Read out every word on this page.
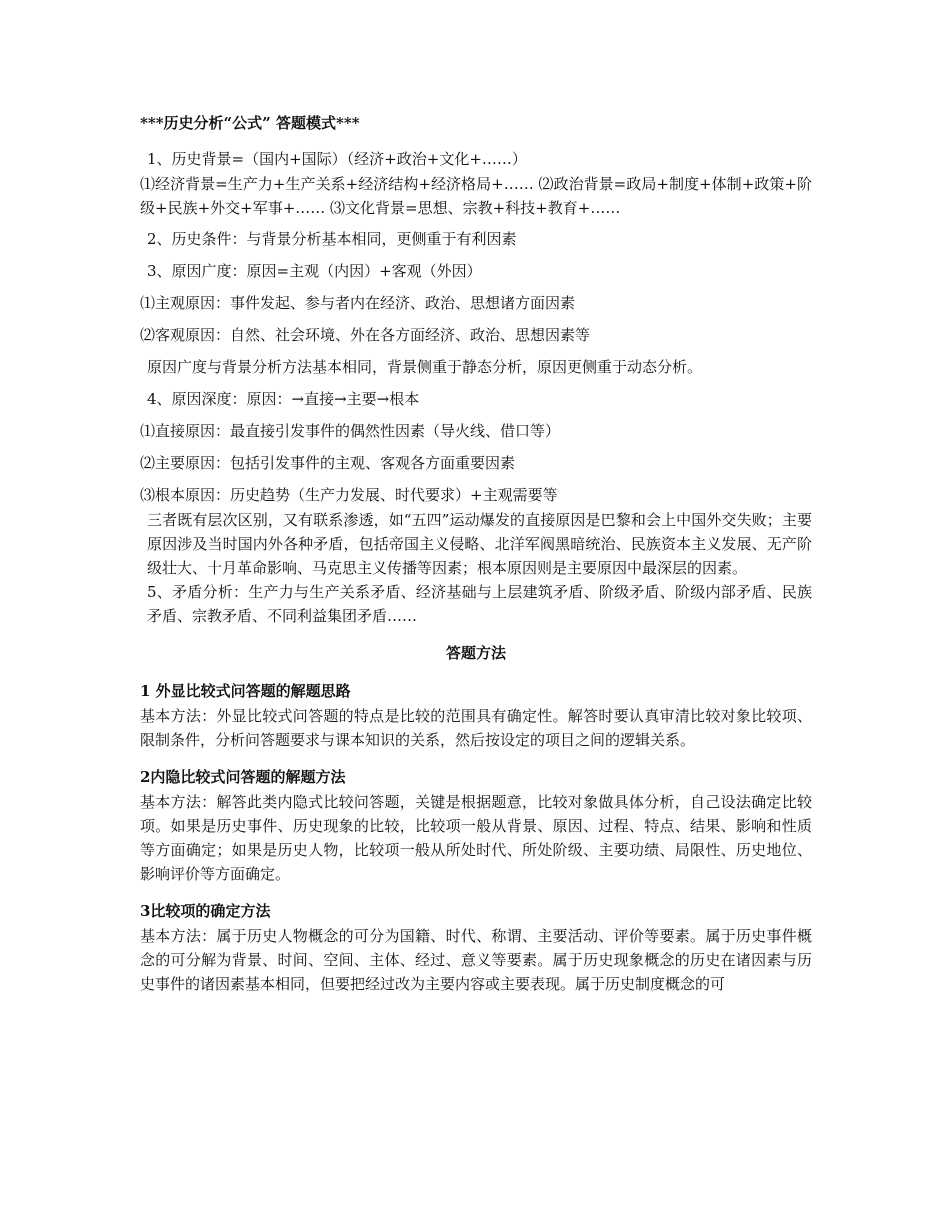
***历史分析“公式” 答题模式***

1、历史背景=（国内+国际）（经济+政治+文化+……）

⑴经济背景=生产力+生产关系+经济结构+经济格局+…… ⑵政治背景=政局+制度+体制+政策+阶级+民族+外交+军事+…… ⑶文化背景=思想、宗教+科技+教育+……

2、历史条件：与背景分析基本相同，更侧重于有利因素

3、原因广度：原因=主观（内因）+客观（外因）

⑴主观原因：事件发起、参与者内在经济、政治、思想诸方面因素

⑵客观原因：自然、社会环境、外在各方面经济、政治、思想因素等

原因广度与背景分析方法基本相同，背景侧重于静态分析，原因更侧重于动态分析。

4、原因深度：原因：→直接→主要→根本

⑴直接原因：最直接引发事件的偶然性因素（导火线、借口等）

⑵主要原因：包括引发事件的主观、客观各方面重要因素

⑶根本原因：历史趋势（生产力发展、时代要求）+主观需要等

三者既有层次区别，又有联系渗透，如“五四”运动爆发的直接原因是巴黎和会上中国外交失败；主要原因涉及当时国内外各种矛盾，包括帝国主义侵略、北洋军阀黑暗统治、民族资本主义发展、无产阶级壮大、十月革命影响、马克思主义传播等因素；根本原因则是主要原因中最深层的因素。

5、矛盾分析：生产力与生产关系矛盾、经济基础与上层建筑矛盾、阶级矛盾、阶级内部矛盾、民族矛盾、宗教矛盾、不同利益集团矛盾……

答题方法

1 外显比较式问答题的解题思路

基本方法：外显比较式问答题的特点是比较的范围具有确定性。解答时要认真审清比较对象比较项、限制条件，分析问答题要求与课本知识的关系，然后按设定的项目之间的逻辑关系。

2内隐比较式问答题的解题方法

基本方法：解答此类内隐式比较问答题，关键是根据题意，比较对象做具体分析，自己设法确定比较项。如果是历史事件、历史现象的比较，比较项一般从背景、原因、过程、特点、结果、影响和性质等方面确定；如果是历史人物，比较项一般从所处时代、所处阶级、主要功绩、局限性、历史地位、影响评价等方面确定。

3比较项的确定方法

基本方法：属于历史人物概念的可分为国籍、时代、称谓、主要活动、评价等要素。属于历史事件概念的可分解为背景、时间、空间、主体、经过、意义等要素。属于历史现象概念的历史在诸因素与历史事件的诸因素基本相同，但要把经过改为主要内容或主要表现。属于历史制度概念的可
